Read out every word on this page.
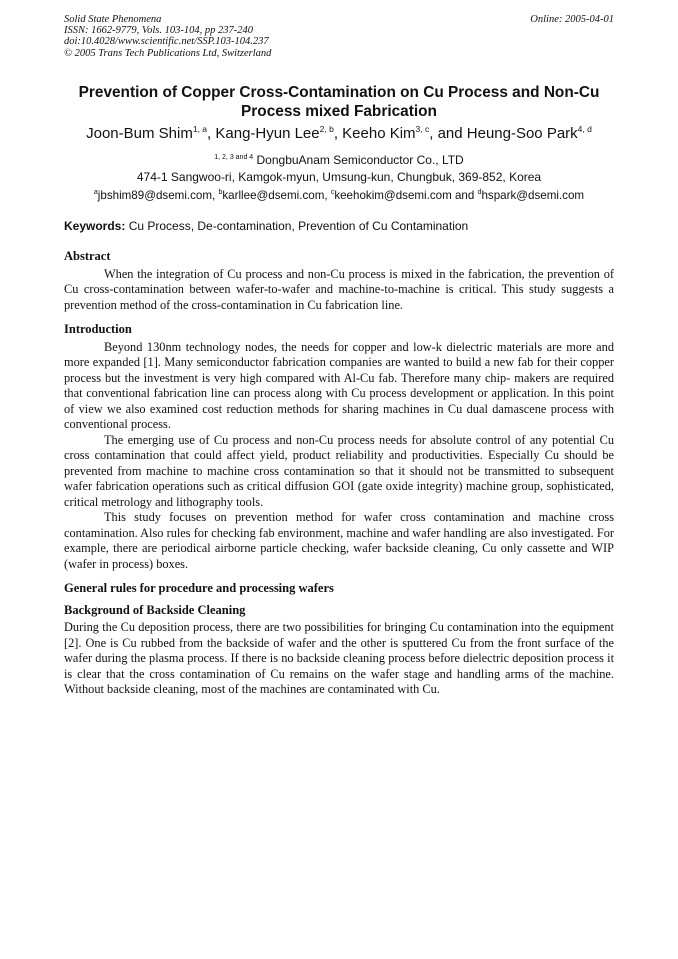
Solid State Phenomena
ISSN: 1662-9779, Vols. 103-104, pp 237-240
doi:10.4028/www.scientific.net/SSP.103-104.237
© 2005 Trans Tech Publications Ltd, Switzerland
Online: 2005-04-01
Prevention of Copper Cross-Contamination on Cu Process and Non-Cu Process mixed Fabrication
Joon-Bum Shim$^{1, a}$, Kang-Hyun Lee$^{2, b}$, Keeho Kim$^{3, c}$, and Heung-Soo Park$^{4, d}$
$^{1, 2, 3 and 4}$ DongbuAnam Semiconductor Co., LTD
474-1 Sangwoo-ri, Kamgok-myun, Umsung-kun, Chungbuk, 369-852, Korea
$^a$jbshim89@dsemi.com, $^b$karllee@dsemi.com, $^c$keehokim@dsemi.com and $^d$hspark@dsemi.com
Keywords: Cu Process, De-contamination, Prevention of Cu Contamination
Abstract

When the integration of Cu process and non-Cu process is mixed in the fabrication, the prevention of Cu cross-contamination between wafer-to-wafer and machine-to-machine is critical. This study suggests a prevention method of the cross-contamination in Cu fabrication line.

Introduction

Beyond 130nm technology nodes, the needs for copper and low-k dielectric materials are more and more expanded [1]. Many semiconductor fabrication companies are wanted to build a new fab for their copper process but the investment is very high compared with Al-Cu fab. Therefore many chip- makers are required that conventional fabrication line can process along with Cu process development or application. In this point of view we also examined cost reduction methods for sharing machines in Cu dual damascene process with conventional process.

The emerging use of Cu process and non-Cu process needs for absolute control of any potential Cu cross contamination that could affect yield, product reliability and productivities. Especially Cu should be prevented from machine to machine cross contamination so that it should not be transmitted to subsequent wafer fabrication operations such as critical diffusion GOI (gate oxide integrity) machine group, sophisticated, critical metrology and lithography tools.

This study focuses on prevention method for wafer cross contamination and machine cross contamination. Also rules for checking fab environment, machine and wafer handling are also investigated. For example, there are periodical airborne particle checking, wafer backside cleaning, Cu only cassette and WIP (wafer in process) boxes.

General rules for procedure and processing wafers
Background of Backside Cleaning

During the Cu deposition process, there are two possibilities for bringing Cu contamination into the equipment [2]. One is Cu rubbed from the backside of wafer and the other is sputtered Cu from the front surface of the wafer during the plasma process. If there is no backside cleaning process before dielectric deposition process it is clear that the cross contamination of Cu remains on the wafer stage and handling arms of the machine. Without backside cleaning, most of the machines are contaminated with Cu.
